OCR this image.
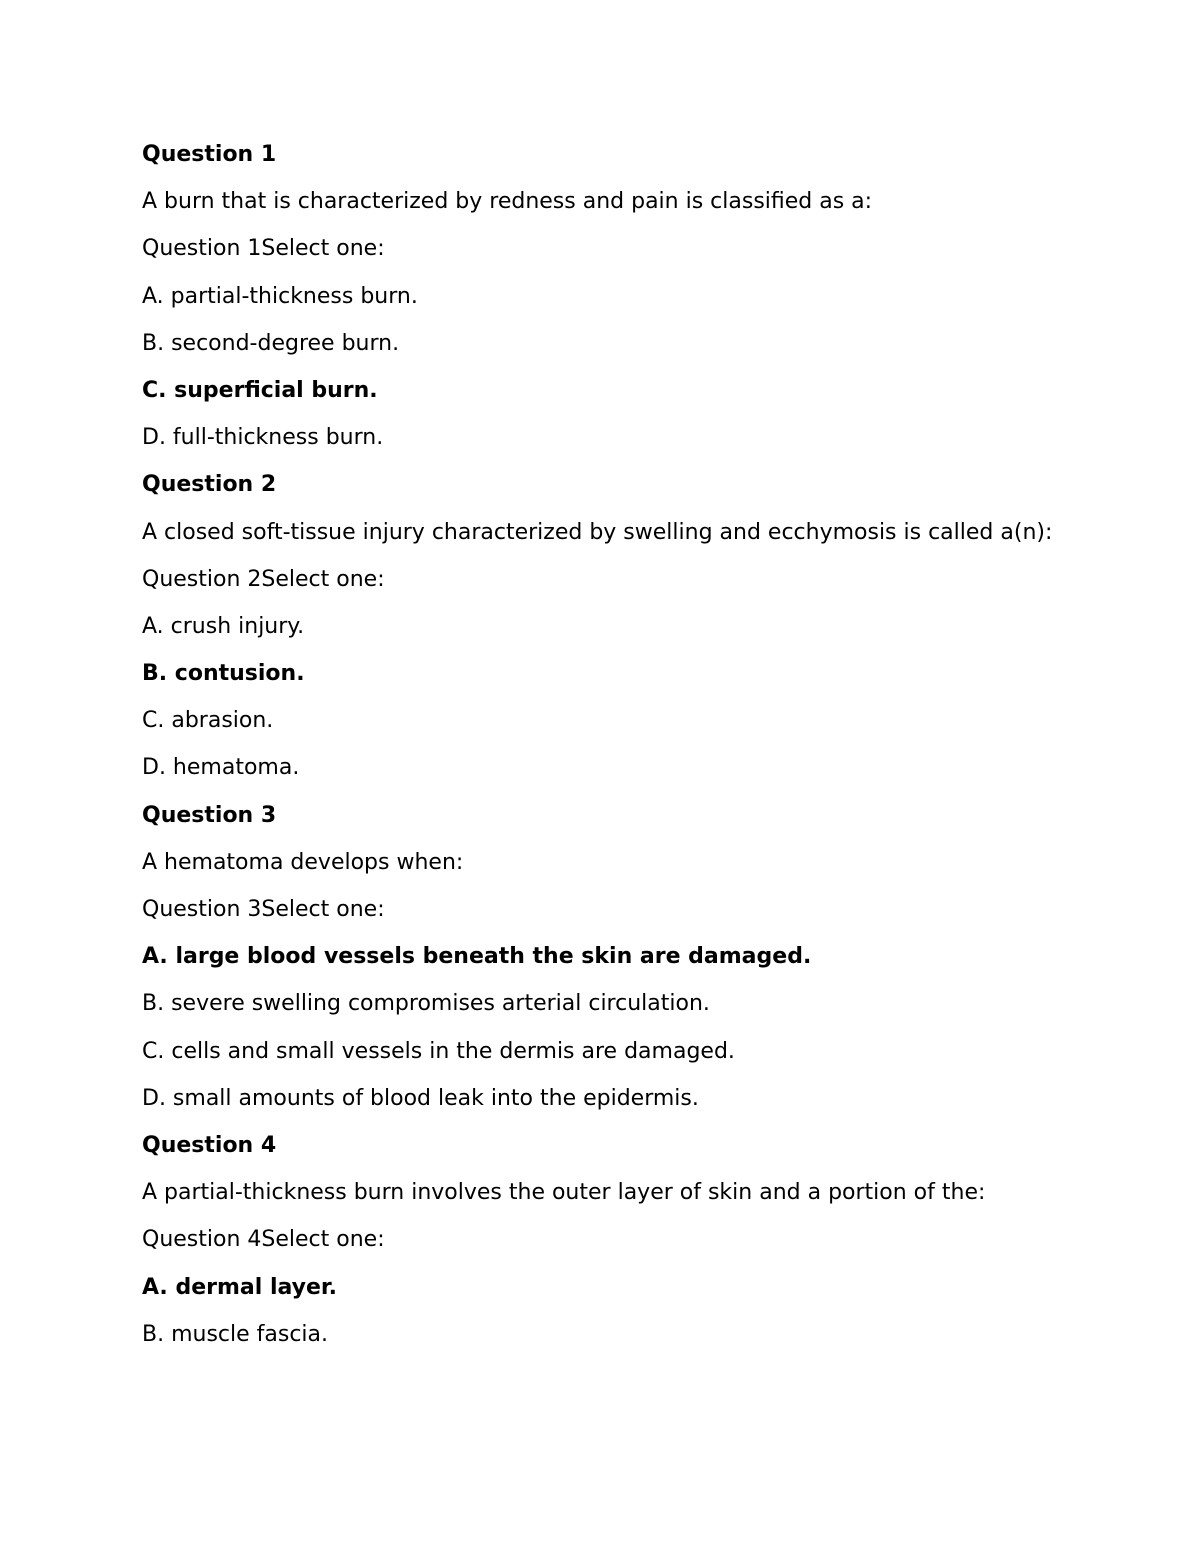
Question 1

A burn that is characterized by redness and pain is classified as a:

Question 1Select one:

A. partial-thickness burn.

B. second-degree burn.

C. superficial burn.

D. full-thickness burn.

Question 2

A closed soft-tissue injury characterized by swelling and ecchymosis is called a(n):

Question 2Select one:

A. crush injury.

B. contusion.

C. abrasion.

D. hematoma.

Question 3

A hematoma develops when:

Question 3Select one:

A. large blood vessels beneath the skin are damaged.

B. severe swelling compromises arterial circulation.

C. cells and small vessels in the dermis are damaged.

D. small amounts of blood leak into the epidermis.

Question 4

A partial-thickness burn involves the outer layer of skin and a portion of the:

Question 4Select one:

A. dermal layer.

B. muscle fascia.
